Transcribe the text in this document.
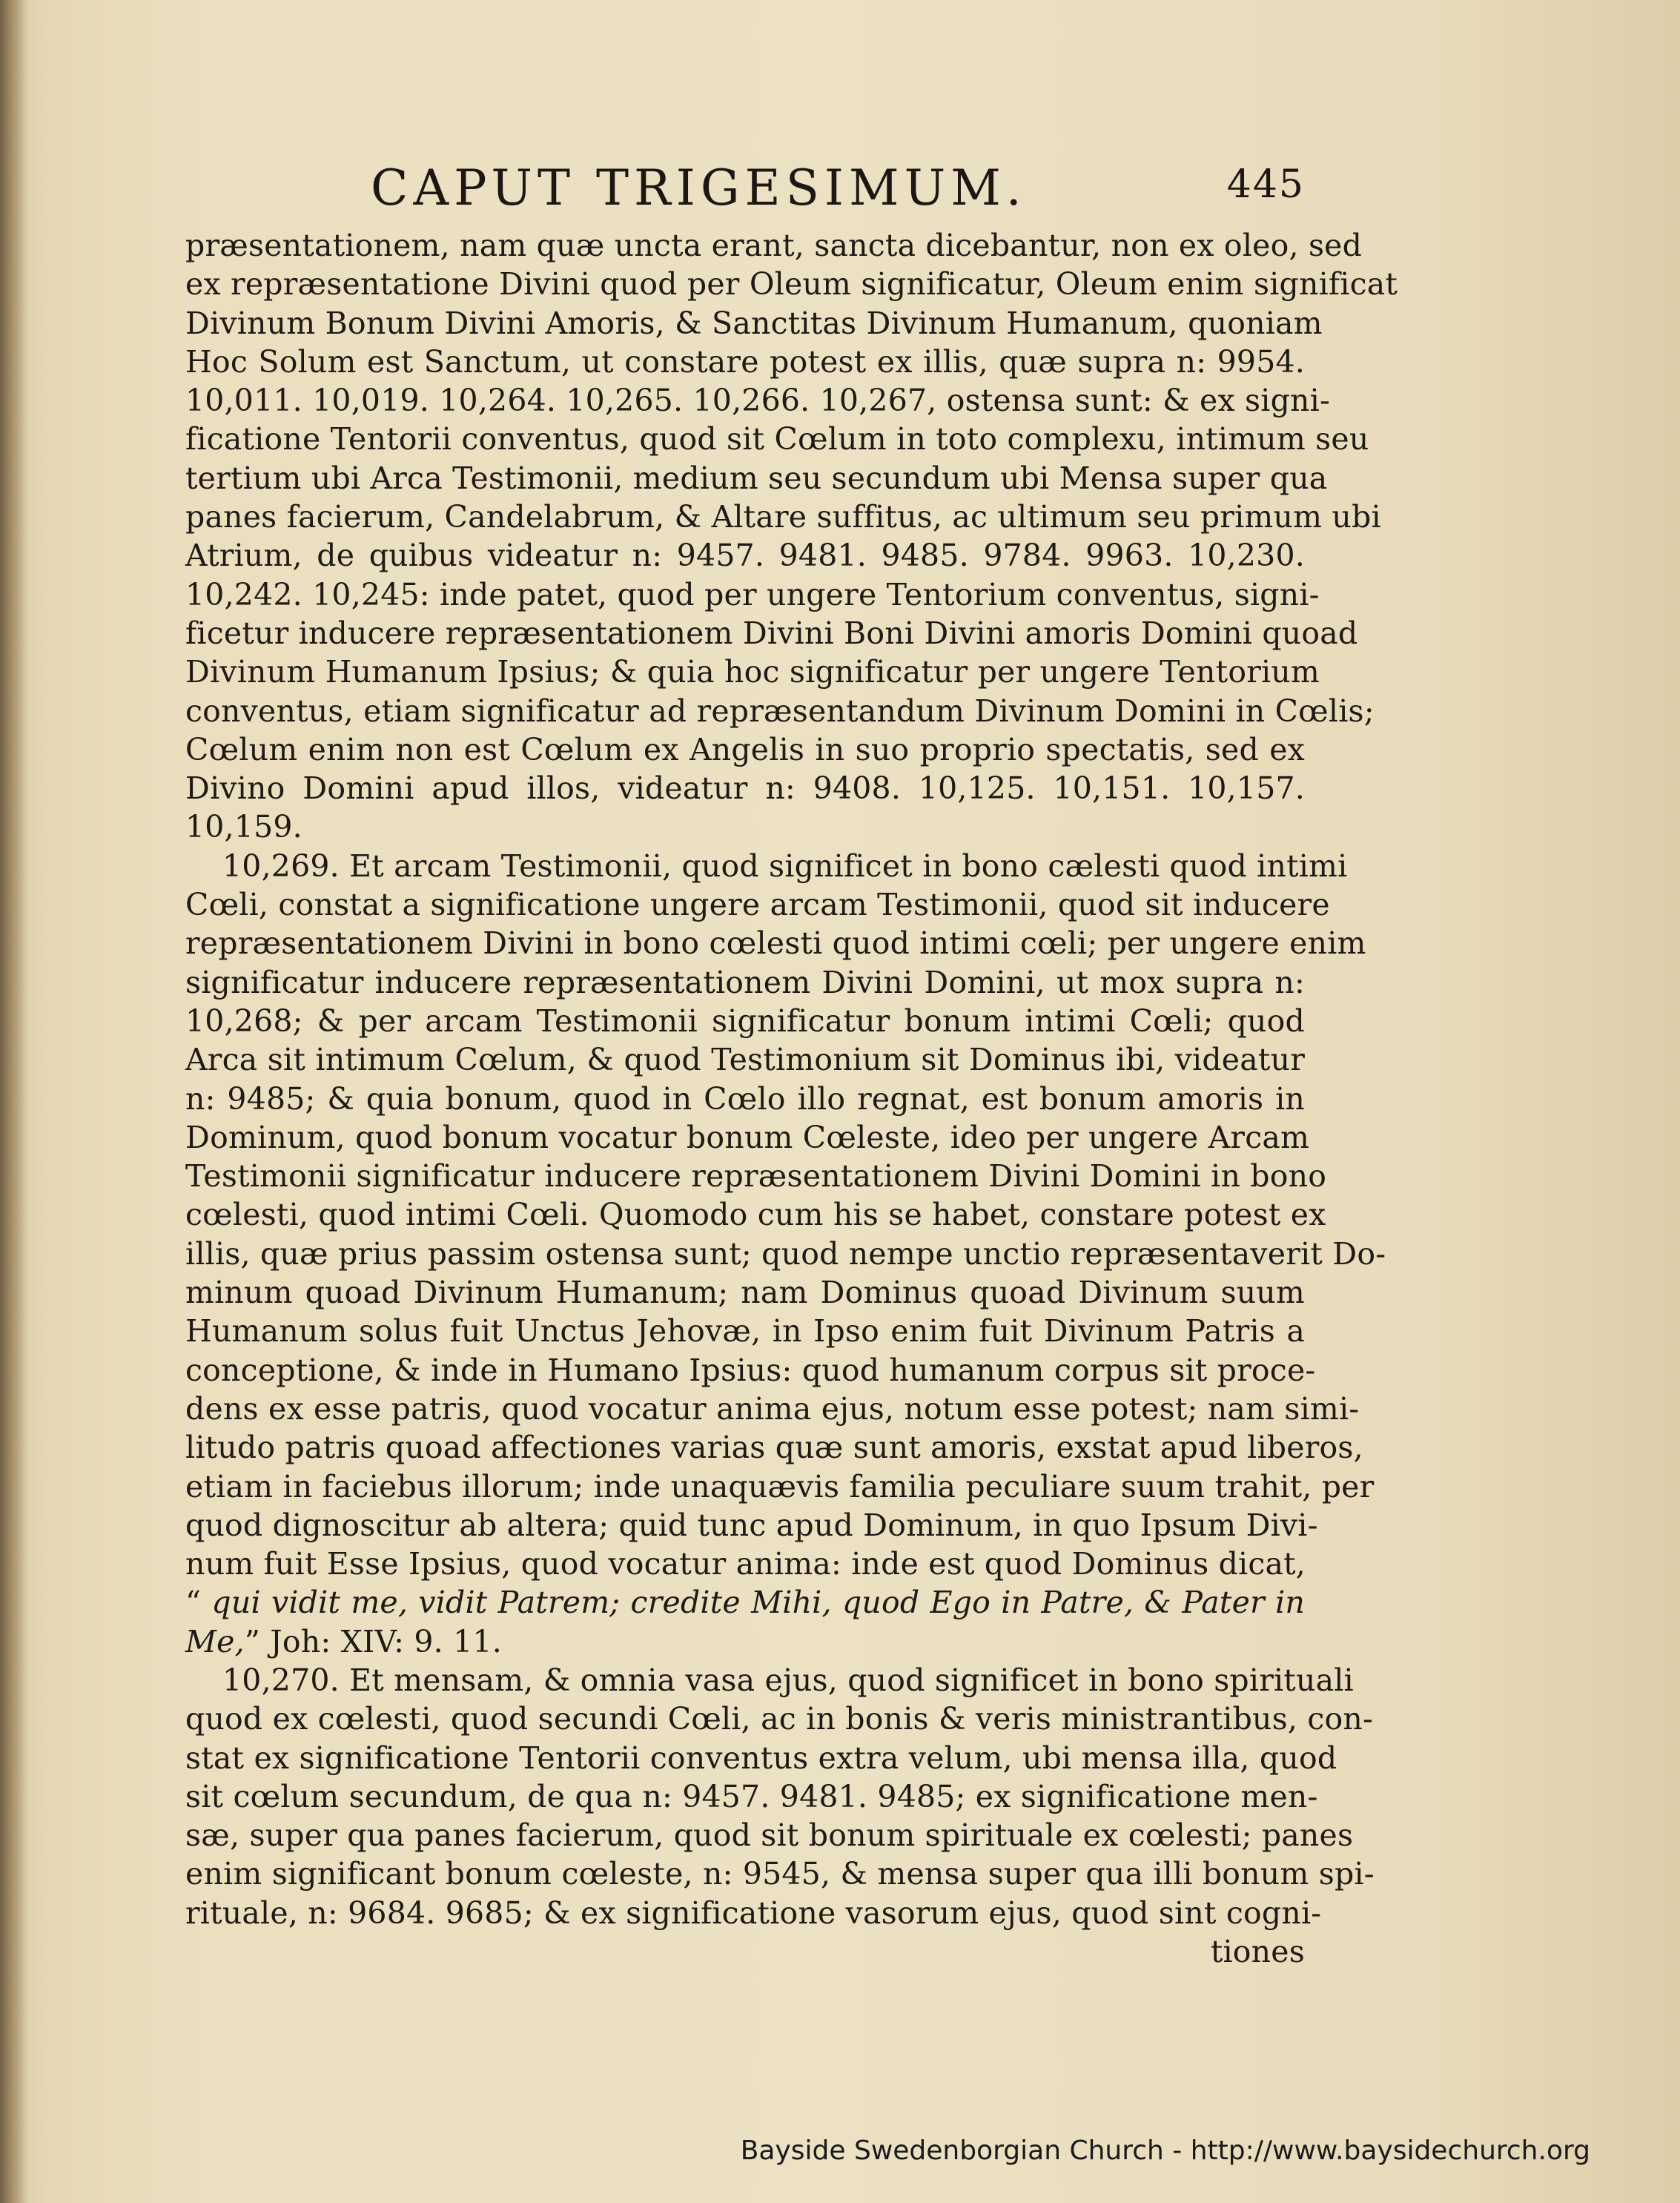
CAPUT TRIGESIMUM.	445
præsentationem, nam quæ uncta erant, sancta dicebantur, non ex oleo, sed
ex repræsentatione Divini quod per Oleum significatur, Oleum enim significat
Divinum Bonum Divini Amoris, & Sanctitas Divinum Humanum, quoniam
Hoc Solum est Sanctum, ut constare potest ex illis, quæ supra n: 9954.
10,011. 10,019. 10,264. 10,265. 10,266. 10,267, ostensa sunt: & ex signi-
ficatione Tentorii conventus, quod sit Cœlum in toto complexu, intimum seu
tertium ubi Arca Testimonii, medium seu secundum ubi Mensa super qua
panes facierum, Candelabrum, & Altare suffitus, ac ultimum seu primum ubi
Atrium, de quibus videatur n: 9457. 9481. 9485. 9784. 9963. 10,230.
10,242. 10,245: inde patet, quod per ungere Tentorium conventus, signi-
ficetur inducere repræsentationem Divini Boni Divini amoris Domini quoad
Divinum Humanum Ipsius; & quia hoc significatur per ungere Tentorium
conventus, etiam significatur ad repræsentandum Divinum Domini in Cœlis;
Cœlum enim non est Cœlum ex Angelis in suo proprio spectatis, sed ex
Divino Domini apud illos, videatur n: 9408. 10,125. 10,151. 10,157.
10,159.
10,269. Et arcam Testimonii, quod significet in bono cælesti quod intimi
Cœli, constat a significatione ungere arcam Testimonii, quod sit inducere
repræsentationem Divini in bono cœlesti quod intimi cœli; per ungere enim
significatur inducere repræsentationem Divini Domini, ut mox supra n:
10,268; & per arcam Testimonii significatur bonum intimi Cœli; quod
Arca sit intimum Cœlum, & quod Testimonium sit Dominus ibi, videatur
n: 9485; & quia bonum, quod in Cœlo illo regnat, est bonum amoris in
Dominum, quod bonum vocatur bonum Cœleste, ideo per ungere Arcam
Testimonii significatur inducere repræsentationem Divini Domini in bono
cœlesti, quod intimi Cœli. Quomodo cum his se habet, constare potest ex
illis, quæ prius passim ostensa sunt; quod nempe unctio repræsentaverit Do-
minum quoad Divinum Humanum; nam Dominus quoad Divinum suum
Humanum solus fuit Unctus Jehovæ, in Ipso enim fuit Divinum Patris a
conceptione, & inde in Humano Ipsius: quod humanum corpus sit proce-
dens ex esse patris, quod vocatur anima ejus, notum esse potest; nam simi-
litudo patris quoad affectiones varias quæ sunt amoris, exstat apud liberos,
etiam in faciebus illorum; inde unaquævis familia peculiare suum trahit, per
quod dignoscitur ab altera; quid tunc apud Dominum, in quo Ipsum Divi-
num fuit Esse Ipsius, quod vocatur anima: inde est quod Dominus dicat,
“ qui vidit me, vidit Patrem; credite Mihi, quod Ego in Patre, & Pater in
Me,” Joh: XIV: 9. 11.
10,270. Et mensam, & omnia vasa ejus, quod significet in bono spirituali
quod ex cœlesti, quod secundi Cœli, ac in bonis & veris ministrantibus, con-
stat ex significatione Tentorii conventus extra velum, ubi mensa illa, quod
sit cœlum secundum, de qua n: 9457. 9481. 9485; ex significatione men-
sæ, super qua panes facierum, quod sit bonum spirituale ex cœlesti; panes
enim significant bonum cœleste, n: 9545, & mensa super qua illi bonum spi-
rituale, n: 9684. 9685; & ex significatione vasorum ejus, quod sint cogni-
tiones
Bayside Swedenborgian Church - http://www.baysidechurch.org
